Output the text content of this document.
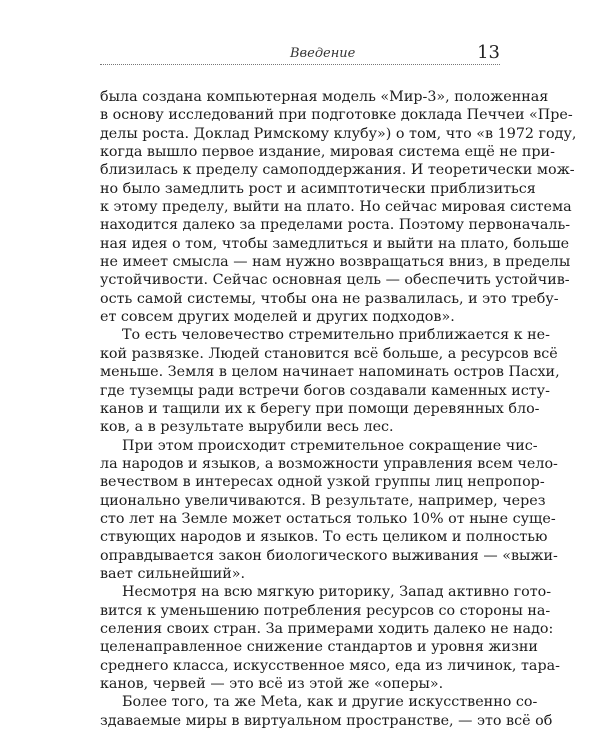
Введение	13
была создана компьютерная модель «Мир-3», положенная
в основу исследований при подготовке доклада Печчеи «Пре-
делы роста. Доклад Римскому клубу») о том, что «в 1972 году,
когда вышло первое издание, мировая система ещё не при-
близилась к пределу самоподдержания. И теоретически мож-
но было замедлить рост и асимптотически приблизиться
к этому пределу, выйти на плато. Но сейчас мировая система
находится далеко за пределами роста. Поэтому первоначаль-
ная идея о том, чтобы замедлиться и выйти на плато, больше
не имеет смысла — нам нужно возвращаться вниз, в пределы
устойчивости. Сейчас основная цель — обеспечить устойчив-
ость самой системы, чтобы она не развалилась, и это требу-
ет совсем других моделей и других подходов».
То есть человечество стремительно приближается к не-
кой развязке. Людей становится всё больше, а ресурсов всё
меньше. Земля в целом начинает напоминать остров Пасхи,
где туземцы ради встречи богов создавали каменных исту-
канов и тащили их к берегу при помощи деревянных бло-
ков, а в результате вырубили весь лес.
При этом происходит стремительное сокращение чис-
ла народов и языков, а возможности управления всем чело-
вечеством в интересах одной узкой группы лиц непропор-
ционально увеличиваются. В результате, например, через
сто лет на Земле может остаться только 10% от ныне суще-
ствующих народов и языков. То есть целиком и полностью
оправдывается закон биологического выживания — «выжи-
вает сильнейший».
Несмотря на всю мягкую риторику, Запад активно гото-
вится к уменьшению потребления ресурсов со стороны на-
селения своих стран. За примерами ходить далеко не надо:
целенаправленное снижение стандартов и уровня жизни
среднего класса, искусственное мясо, еда из личинок, тара-
канов, червей — это всё из этой же «оперы».
Более того, та же Meta, как и другие искусственно со-
здаваемые миры в виртуальном пространстве, — это всё об
